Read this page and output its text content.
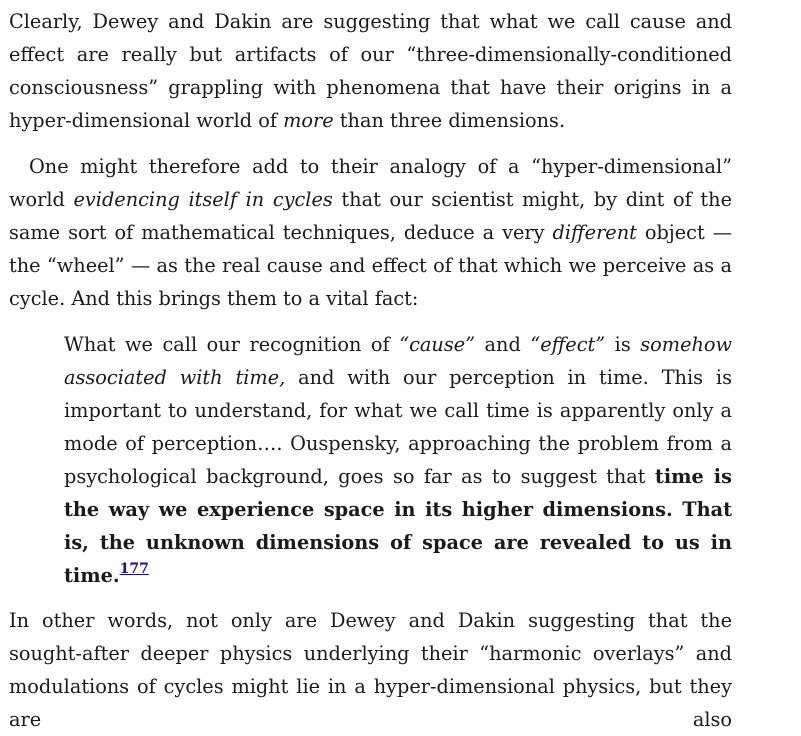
Clearly, Dewey and Dakin are suggesting that what we call cause and effect are really but artifacts of our “three-dimensionally-conditioned consciousness” grappling with phenomena that have their origins in a hyper-dimensional world of more than three dimensions.

One might therefore add to their analogy of a “hyper-dimensional” world evidencing itself in cycles that our scientist might, by dint of the same sort of mathematical techniques, deduce a very different object — the “wheel” — as the real cause and effect of that which we perceive as a cycle. And this brings them to a vital fact:

What we call our recognition of “cause” and “effect” is somehow associated with time, and with our perception in time. This is important to understand, for what we call time is apparently only a mode of perception…. Ouspensky, approaching the problem from a psychological background, goes so far as to suggest that time is the way we experience space in its higher dimensions. That is, the unknown dimensions of space are revealed to us in time.$^{177}$

In other words, not only are Dewey and Dakin suggesting that the sought-after deeper physics underlying their “harmonic overlays” and modulations of cycles might lie in a hyper-dimensional physics, but they are also
